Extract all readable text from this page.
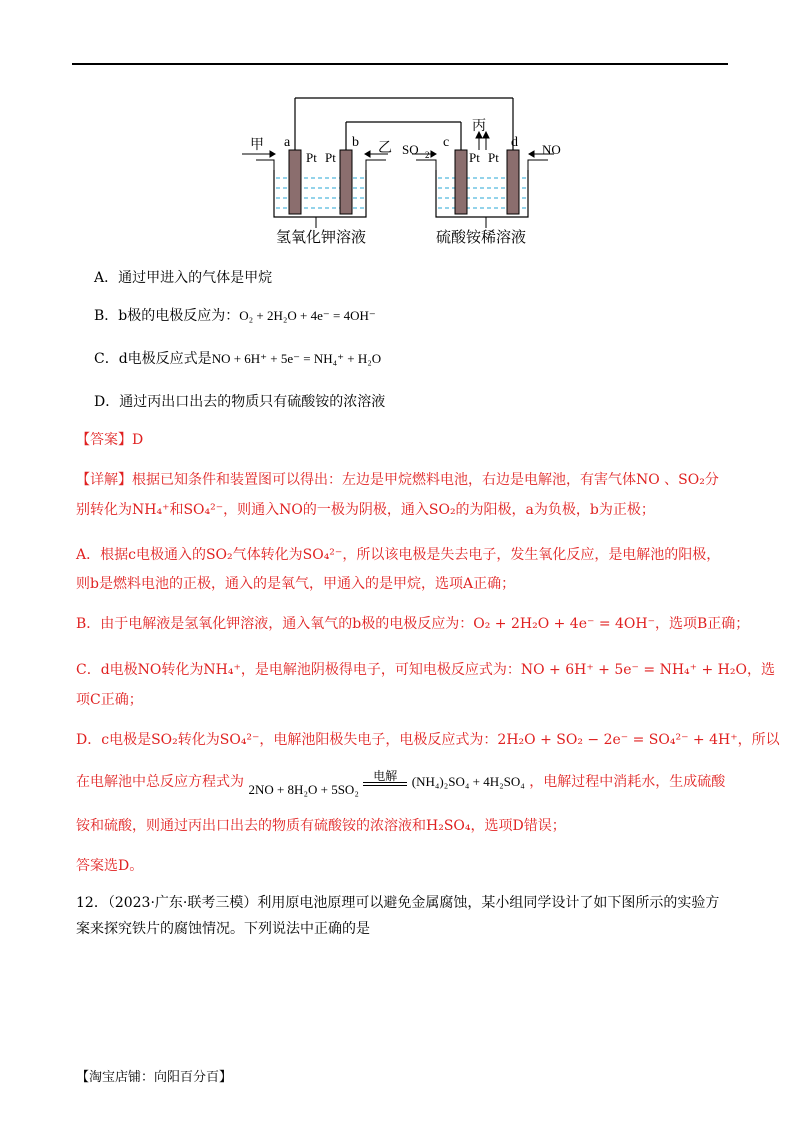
甲	乙
a	b	c	d
Pt Pt	Pt Pt
SO 2
丙
NO
氢氧化钾溶液	硫酸铵稀溶液
A．通过甲进入的气体是甲烷
B．b极的电极反应为：O₂ + 2H₂O + 4e⁻ = 4OH⁻
C．d电极反应式是NO + 6H⁺ + 5e⁻ = NH₄⁺ + H₂O
D．通过丙出口出去的物质只有硫酸铵的浓溶液
【答案】D
【详解】根据已知条件和装置图可以得出：左边是甲烷燃料电池，右边是电解池，有害气体NO 、SO₂分
别转化为NH₄⁺和SO₄²⁻，则通入NO的一极为阴极，通入SO₂的为阳极，a为负极，b为正极；
A．根据c电极通入的SO₂气体转化为SO₄²⁻，所以该电极是失去电子，发生氧化反应，是电解池的阳极，
则b是燃料电池的正极，通入的是氧气，甲通入的是甲烷，选项A正确；
B．由于电解液是氢氧化钾溶液，通入氧气的b极的电极反应为：O₂ + 2H₂O + 4e⁻ = 4OH⁻，选项B正确；
C．d电极NO转化为NH₄⁺，是电解池阴极得电子，可知电极反应式为：NO + 6H⁺ + 5e⁻ = NH₄⁺ + H₂O，选
项C正确；
D．c电极是SO₂转化为SO₄²⁻，电解池阳极失电子，电极反应式为：2H₂O + SO₂ − 2e⁻ = SO₄²⁻ + 4H⁺，所以
在电解池中总反应方程式为 2NO + 8H₂O + 5SO₂
电解	(NH₄)₂SO₄ + 4H₂SO₄ ，电解过程中消耗水，生成硫酸
铵和硫酸，则通过丙出口出去的物质有硫酸铵的浓溶液和H₂SO₄，选项D错误；
答案选D。
12．（2023·广东·联考三模）利用原电池原理可以避免金属腐蚀，某小组同学设计了如下图所示的实验方
案来探究铁片的腐蚀情况。下列说法中正确的是
【淘宝店铺：向阳百分百】
